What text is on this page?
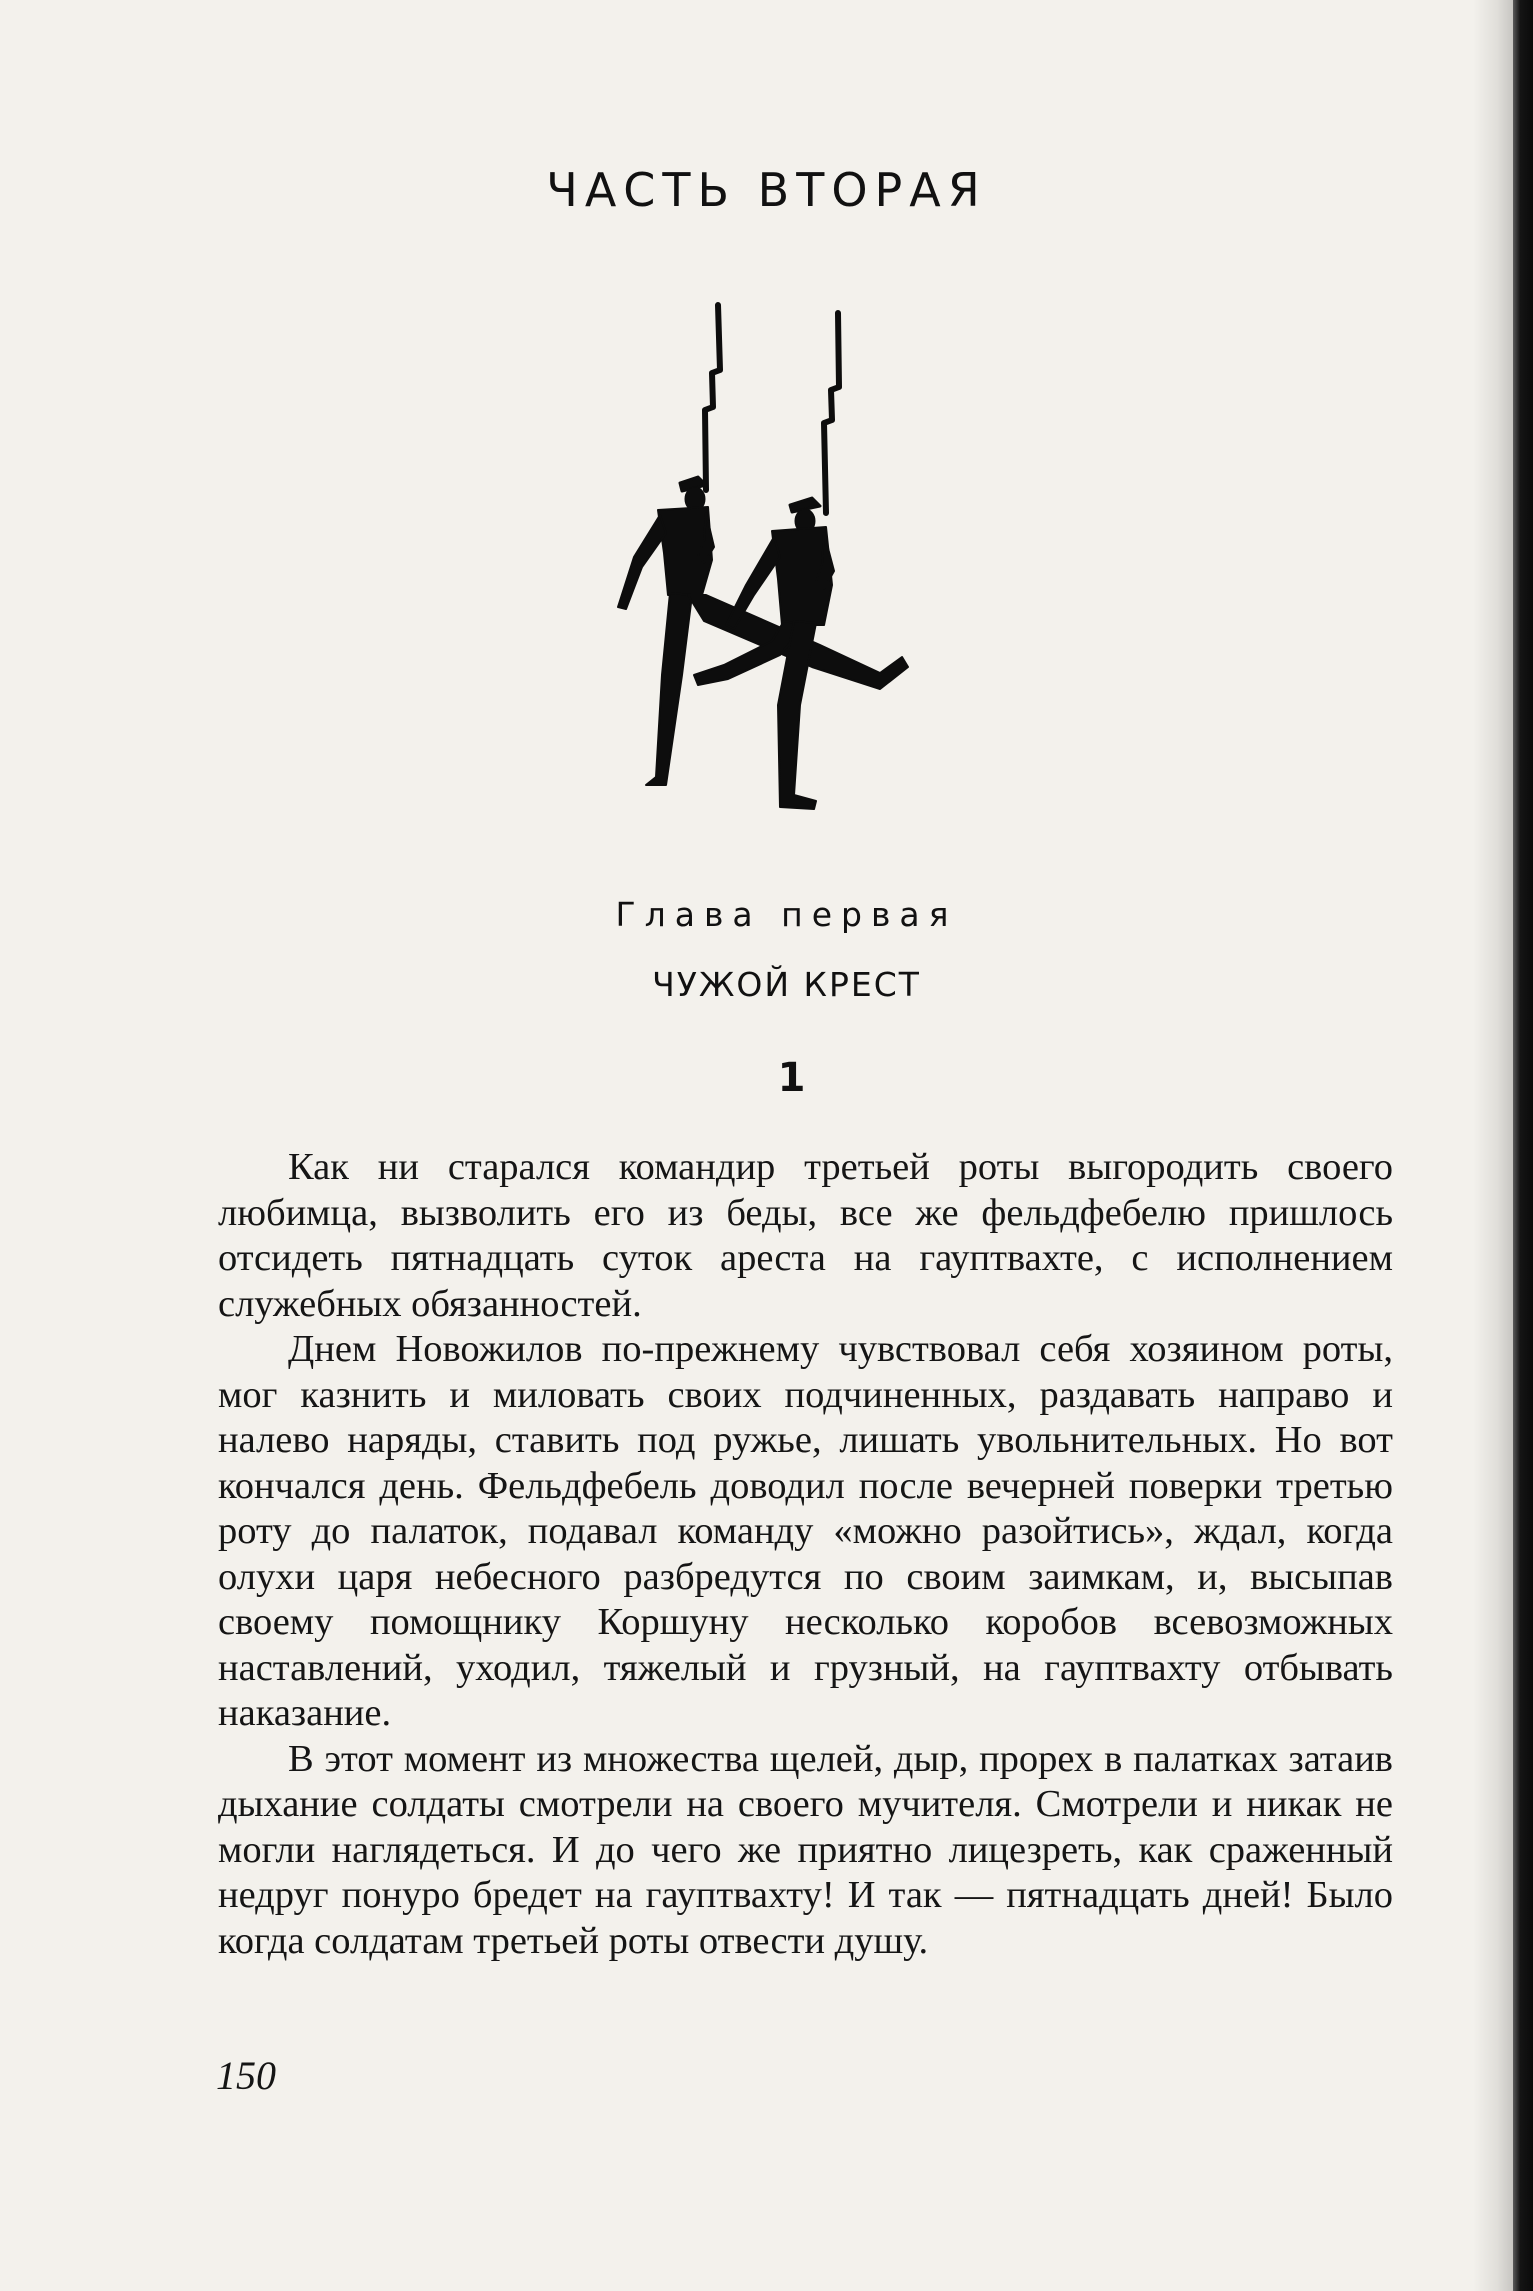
ЧАСТЬ ВТОРАЯ
Глава первая
ЧУЖОЙ КРЕСТ
1

Как ни старался командир третьей роты выгородить своего любимца, вызволить его из беды, все же фельдфебелю пришлось отсидеть пятнадцать суток ареста на гауптвахте, с исполнением служебных обязанностей.

Днем Новожилов по-прежнему чувствовал себя хозяином роты, мог казнить и миловать своих подчиненных, раздавать направо и налево наряды, ставить под ружье, лишать увольнительных. Но вот кончался день. Фельдфебель доводил после вечерней поверки третью роту до палаток, подавал команду «можно разойтись», ждал, когда олухи царя небесного разбредутся по своим заимкам, и, высыпав своему помощнику Коршуну несколько коробов всевозможных наставлений, уходил, тяжелый и грузный, на гауптвахту отбывать наказание.

В этот момент из множества щелей, дыр, прорех в палатках затаив дыхание солдаты смотрели на своего мучителя. Смотрели и никак не могли наглядеться. И до чего же приятно лицезреть, как сраженный недруг понуро бредет на гауптвахту! И так — пятнадцать дней! Было когда солдатам третьей роты отвести душу.

150
